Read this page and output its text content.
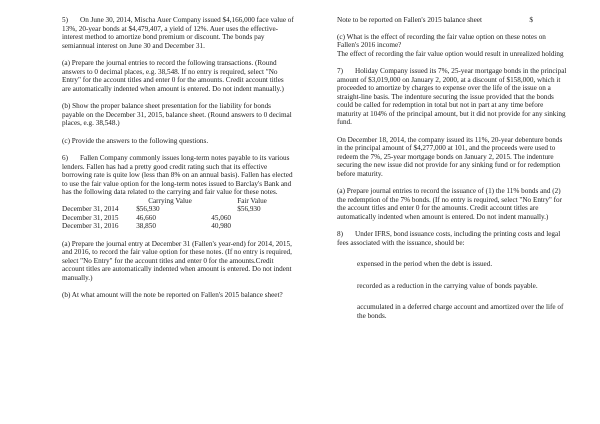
5) On June 30, 2014, Mischa Auer Company issued $4,166,000 face value of 13%, 20-year bonds at $4,479,407, a yield of 12%. Auer uses the effective-interest method to amortize bond premium or discount. The bonds pay semiannual interest on June 30 and December 31.

(a) Prepare the journal entries to record the following transactions. (Round answers to 0 decimal places, e.g. 38,548. If no entry is required, select "No Entry" for the account titles and enter 0 for the amounts. Credit account titles are automatically indented when amount is entered. Do not indent manually.)

(b) Show the proper balance sheet presentation for the liability for bonds payable on the December 31, 2015, balance sheet. (Round answers to 0 decimal places, e.g. 38,548.)

(c) Provide the answers to the following questions.

6) Fallen Company commonly issues long-term notes payable to its various lenders. Fallen has had a pretty good credit rating such that its effective borrowing rate is quite low (less than 8% on an annual basis). Fallen has elected to use the fair value option for the long-term notes issued to Barclay's Bank and has the following data related to the carrying and fair value for these notes.

	Carrying Value	Fair Value
December 31, 2014	$56,930	$56,930
December 31, 2015	46,660	45,060
December 31, 2016	38,850	40,980

(a) Prepare the journal entry at December 31 (Fallen's year-end) for 2014, 2015, and 2016, to record the fair value option for these notes. (If no entry is required, select "No Entry" for the account titles and enter 0 for the amounts.Credit account titles are automatically indented when amount is entered. Do not indent manually.)

(b) At what amount will the note be reported on Fallen's 2015 balance sheet?

Note to be reported on Fallen's 2015 balance sheet	$

(c) What is the effect of recording the fair value option on these notes on Fallen's 2016 income?

The effect of recording the fair value option would result in unrealized holding

7) Holiday Company issued its 7%, 25-year mortgage bonds in the principal amount of $3,019,000 on January 2, 2000, at a discount of $158,000, which it proceeded to amortize by charges to expense over the life of the issue on a straight-line basis. The indenture securing the issue provided that the bonds could be called for redemption in total but not in part at any time before maturity at 104% of the principal amount, but it did not provide for any sinking fund.

On December 18, 2014, the company issued its 11%, 20-year debenture bonds in the principal amount of $4,277,000 at 101, and the proceeds were used to redeem the 7%, 25-year mortgage bonds on January 2, 2015. The indenture securing the new issue did not provide for any sinking fund or for redemption before maturity.

(a) Prepare journal entries to record the issuance of (1) the 11% bonds and (2) the redemption of the 7% bonds. (If no entry is required, select "No Entry" for the account titles and enter 0 for the amounts. Credit account titles are automatically indented when amount is entered. Do not indent manually.)

8) Under IFRS, bond issuance costs, including the printing costs and legal fees associated with the issuance, should be:

expensed in the period when the debt is issued.
recorded as a reduction in the carrying value of bonds payable.
accumulated in a deferred charge account and amortized over the life of the bonds.
